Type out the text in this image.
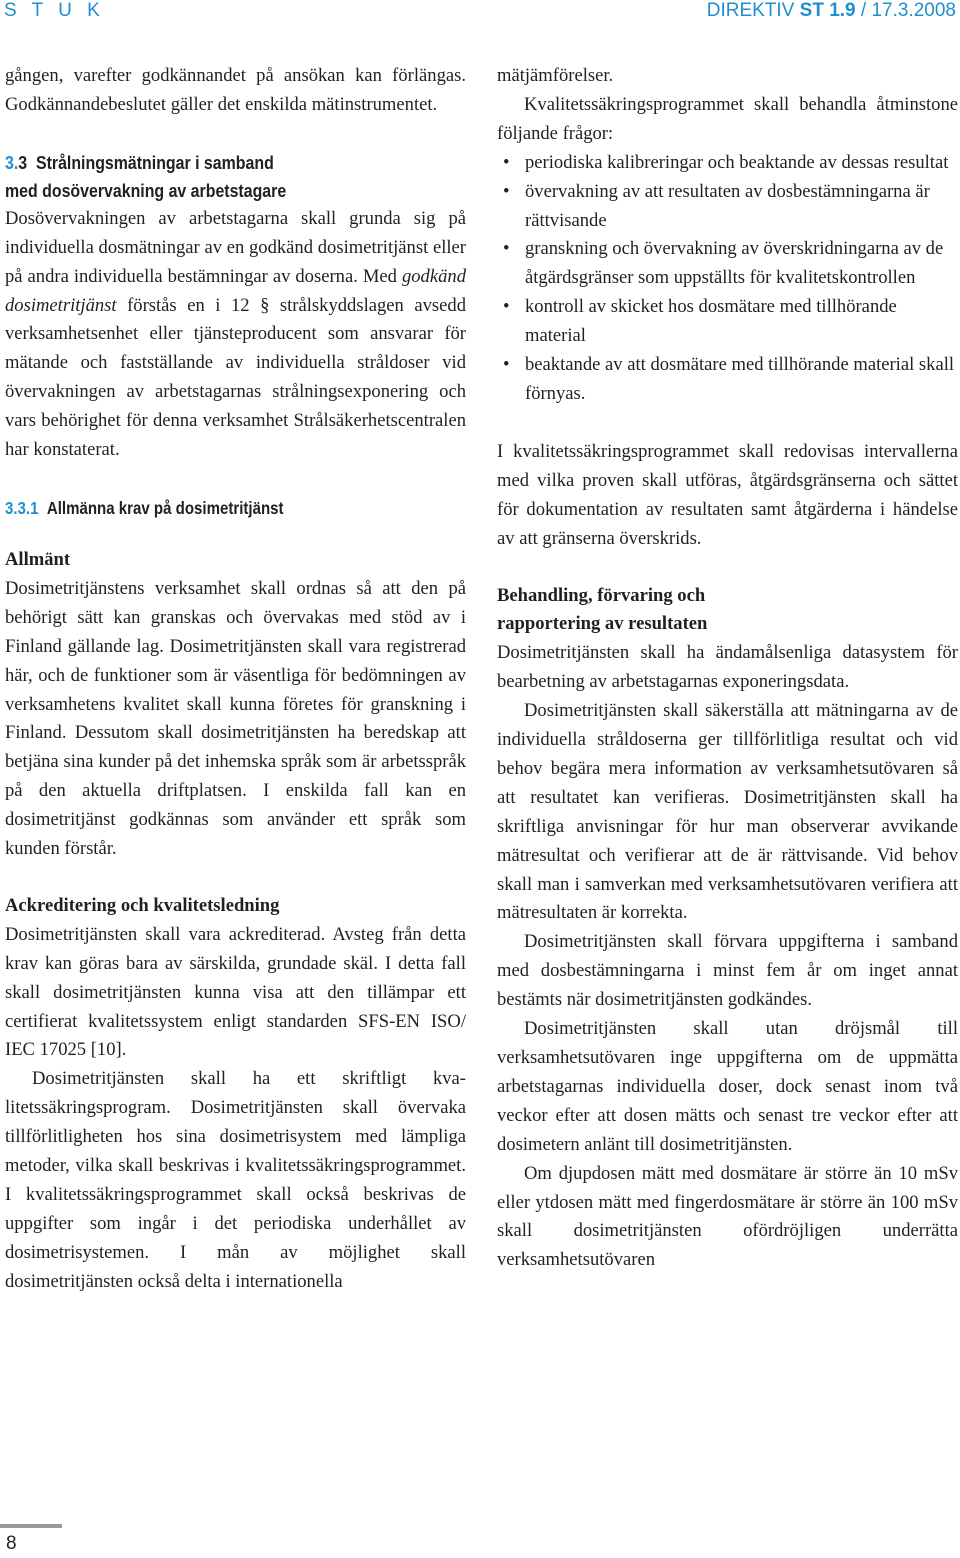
S T U K	DIREKTIV ST 1.9 / 17.3.2008

gången, varefter godkännandet på ansökan kan förlängas. Godkännandebeslutet gäller det enskilda mätinstrumentet.

3.3 Strålningsmätningar i samband
med dosövervakning av arbetstagare

Dosövervakningen av arbetstagarna skall grunda sig på individuella dosmätningar av en godkänd dosimetritjänst eller på andra individuella bestämningar av doserna. Med godkänd dosimetritjänst förstås en i 12 § strålskyddslagen avsedd verksamhetsenhet eller tjänsteproducent som ansvarar för mätande och fastställande av individuella stråldoser vid övervakningen av arbetstagarnas strålningsexponering och vars behörighet för denna verksamhet Strålsäkerhetscentralen har konstaterat.

3.3.1 Allmänna krav på dosimetritjänst
Allmänt

Dosimetritjänstens verksamhet skall ordnas så att den på behörigt sätt kan granskas och övervakas med stöd av i Finland gällande lag. Dosimetritjänsten skall vara registrerad här, och de funktioner som är väsentliga för bedömningen av verksamhetens kvalitet skall kunna företes för granskning i Finland. Dessutom skall dosimetritjänsten ha beredskap att betjäna sina kunder på det inhemska språk som är arbetsspråk på den aktuella driftplatsen. I enskilda fall kan en dosimetritjänst godkännas som använder ett språk som kunden förstår.

Ackreditering och kvalitetsledning

Dosimetritjänsten skall vara ackrediterad. Avsteg från detta krav kan göras bara av särskilda, grundade skäl. I detta fall skall dosimetritjänsten kunna visa att den tillämpar ett certifierat kvalitetssystem enligt standarden SFS-EN ISO/ IEC 17025 [10].

Dosimetritjänsten skall ha ett skriftligt kvalitetssäkringsprogram. Dosimetritjänsten skall övervaka tillförlitligheten hos sina dosimetrisystem med lämpliga metoder, vilka skall beskrivas i kvalitetssäkringsprogrammet. I kvalitetssäkringsprogrammet skall också beskrivas de uppgifter som ingår i det periodiska underhållet av dosimetrisystemen. I mån av möjlighet skall dosimetritjänsten också delta i internationella

mätjämförelser.

Kvalitetssäkringsprogrammet skall behandla åtminstone följande frågor:

• periodiska kalibreringar och beaktande av dessas resultat
• övervakning av att resultaten av dosbestämningarna är rättvisande
• granskning och övervakning av överskridningarna av de åtgärdsgränser som uppställts för kvalitetskontrollen
• kontroll av skicket hos dosmätare med tillhörande material
• beaktande av att dosmätare med tillhörande material skall förnyas.

I kvalitetssäkringsprogrammet skall redovisas intervallerna med vilka proven skall utföras, åtgärdsgränserna och sättet för dokumentation av resultaten samt åtgärderna i händelse av att gränserna överskrids.

Behandling, förvaring och
rapportering av resultaten

Dosimetritjänsten skall ha ändamålsenliga datasystem för bearbetning av arbetstagarnas exponeringsdata.

Dosimetritjänsten skall säkerställa att mätningarna av de individuella stråldoserna ger tillförlitliga resultat och vid behov begära mera information av verksamhetsutövaren så att resultatet kan verifieras. Dosimetritjänsten skall ha skriftliga anvisningar för hur man observerar avvikande mätresultat och verifierar att de är rättvisande. Vid behov skall man i samverkan med verksamhetsutövaren verifiera att mätresultaten är korrekta.

Dosimetritjänsten skall förvara uppgifterna i samband med dosbestämningarna i minst fem år om inget annat bestämts när dosimetritjänsten godkändes.

Dosimetritjänsten skall utan dröjsmål till verksamhetsutövaren inge uppgifterna om de uppmätta arbetstagarnas individuella doser, dock senast inom två veckor efter att dosen mätts och senast tre veckor efter att dosimetern anlänt till dosimetritjänsten.

Om djupdosen mätt med dosmätare är större än 10 mSv eller ytdosen mätt med fingerdosmätare är större än 100 mSv skall dosimetritjänsten ofördröjligen underrätta verksamhetsutövaren

8
